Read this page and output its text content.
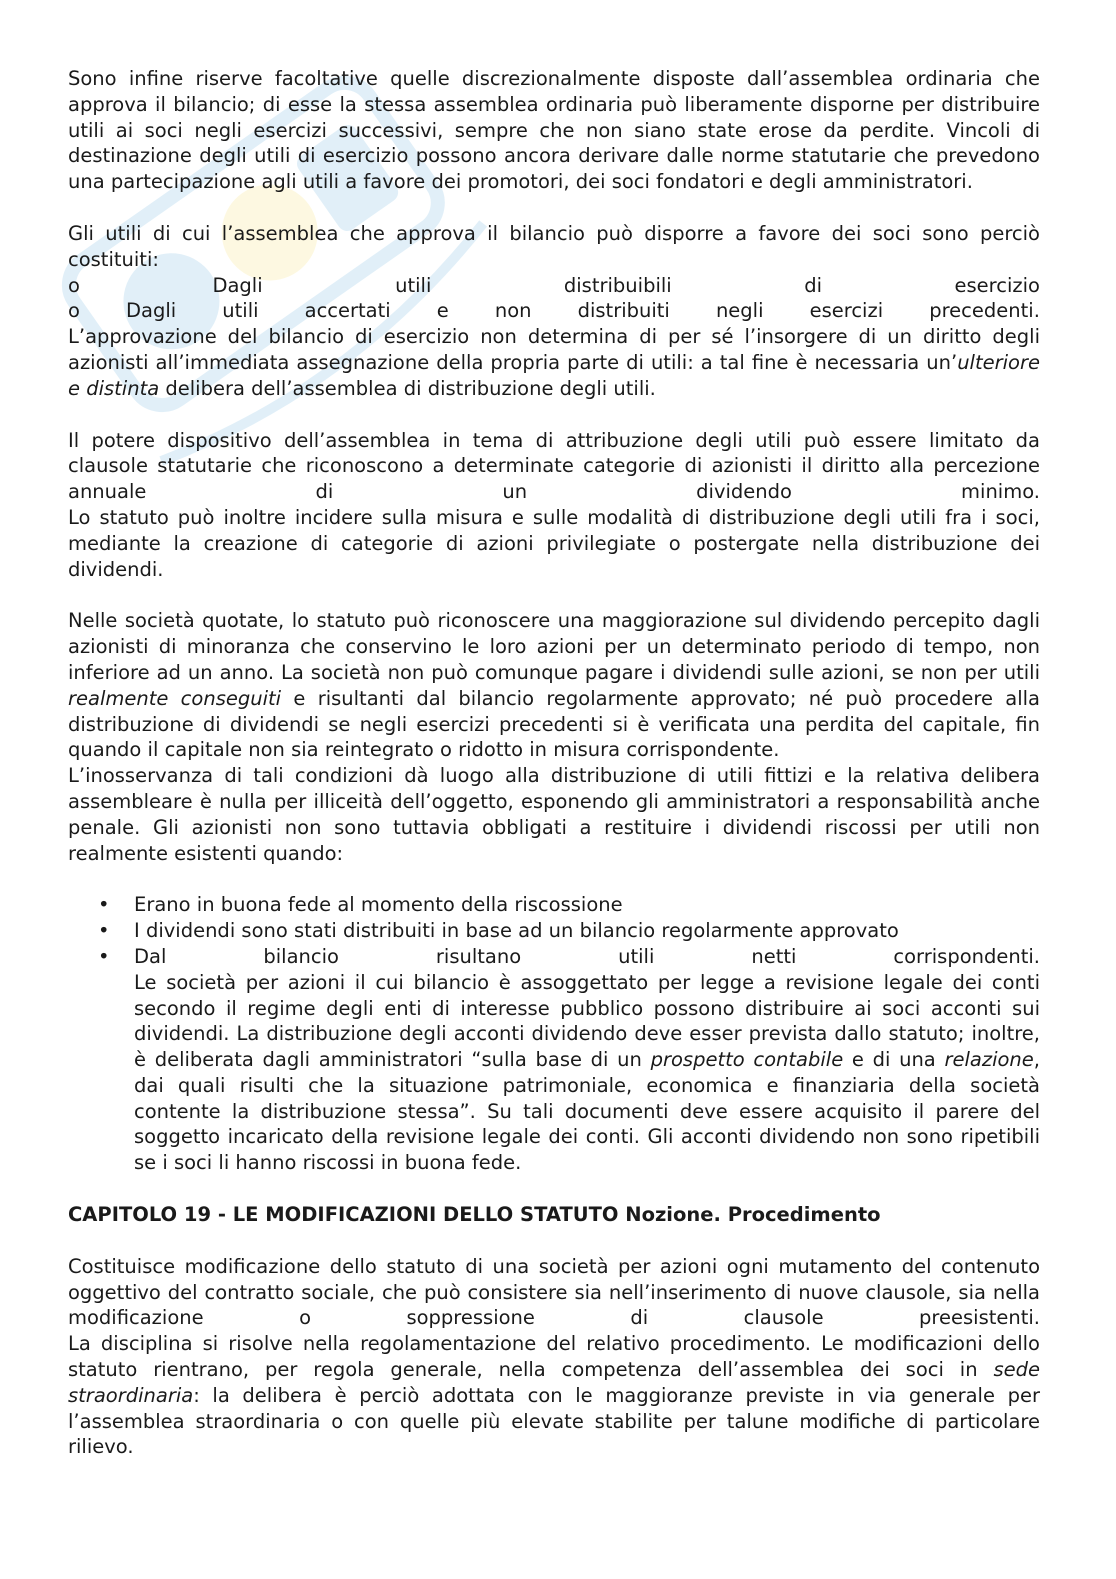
Sono infine riserve facoltative quelle discrezionalmente disposte dall’assemblea ordinaria che approva il bilancio; di esse la stessa assemblea ordinaria può liberamente disporne per distribuire utili ai soci negli esercizi successivi, sempre che non siano state erose da perdite. Vincoli di destinazione degli utili di esercizio possono ancora derivare dalle norme statutarie che prevedono una partecipazione agli utili a favore dei promotori, dei soci fondatori e degli amministratori.

Gli utili di cui l’assemblea che approva il bilancio può disporre a favore dei soci sono perciò costituiti:

o	Dagli	utili	distribuibili	di	esercizio
o Dagli utili accertati e non distribuiti negli esercizi precedenti.

L’approvazione del bilancio di esercizio non determina di per sé l’insorgere di un diritto degli azionisti all’immediata assegnazione della propria parte di utili: a tal fine è necessaria un’ulteriore e distinta delibera dell’assemblea di distribuzione degli utili.

Il potere dispositivo dell’assemblea in tema di attribuzione degli utili può essere limitato da clausole statutarie che riconoscono a determinate categorie di azionisti il diritto alla percezione annuale di un dividendo minimo.

Lo statuto può inoltre incidere sulla misura e sulle modalità di distribuzione degli utili fra i soci, mediante la creazione di categorie di azioni privilegiate o postergate nella distribuzione dei dividendi.

Nelle società quotate, lo statuto può riconoscere una maggiorazione sul dividendo percepito dagli azionisti di minoranza che conservino le loro azioni per un determinato periodo di tempo, non inferiore ad un anno. La società non può comunque pagare i dividendi sulle azioni, se non per utili realmente conseguiti e risultanti dal bilancio regolarmente approvato; né può procedere alla distribuzione di dividendi se negli esercizi precedenti si è verificata una perdita del capitale, fin quando il capitale non sia reintegrato o ridotto in misura corrispondente.

L’inosservanza di tali condizioni dà luogo alla distribuzione di utili fittizi e la relativa delibera assembleare è nulla per illiceità dell’oggetto, esponendo gli amministratori a responsabilità anche penale. Gli azionisti non sono tuttavia obbligati a restituire i dividendi riscossi per utili non realmente esistenti quando:

• Erano in buona fede al momento della riscossione
• I dividendi sono stati distribuiti in base ad un bilancio regolarmente approvato
• Dal bilancio risultano utili netti corrispondenti.
Le società per azioni il cui bilancio è assoggettato per legge a revisione legale dei conti secondo il regime degli enti di interesse pubblico possono distribuire ai soci acconti sui dividendi. La distribuzione degli acconti dividendo deve esser prevista dallo statuto; inoltre, è deliberata dagli amministratori “sulla base di un prospetto contabile e di una relazione, dai quali risulti che la situazione patrimoniale, economica e finanziaria della società contente la distribuzione stessa”. Su tali documenti deve essere acquisito il parere del soggetto incaricato della revisione legale dei conti. Gli acconti dividendo non sono ripetibili se i soci li hanno riscossi in buona fede.
CAPITOLO 19 - LE MODIFICAZIONI DELLO STATUTO Nozione. Procedimento

Costituisce modificazione dello statuto di una società per azioni ogni mutamento del contenuto oggettivo del contratto sociale, che può consistere sia nell’inserimento di nuove clausole, sia nella modificazione o soppressione di clausole preesistenti.

La disciplina si risolve nella regolamentazione del relativo procedimento. Le modificazioni dello statuto rientrano, per regola generale, nella competenza dell’assemblea dei soci in sede straordinaria: la delibera è perciò adottata con le maggioranze previste in via generale per l’assemblea straordinaria o con quelle più elevate stabilite per talune modifiche di particolare rilievo.
